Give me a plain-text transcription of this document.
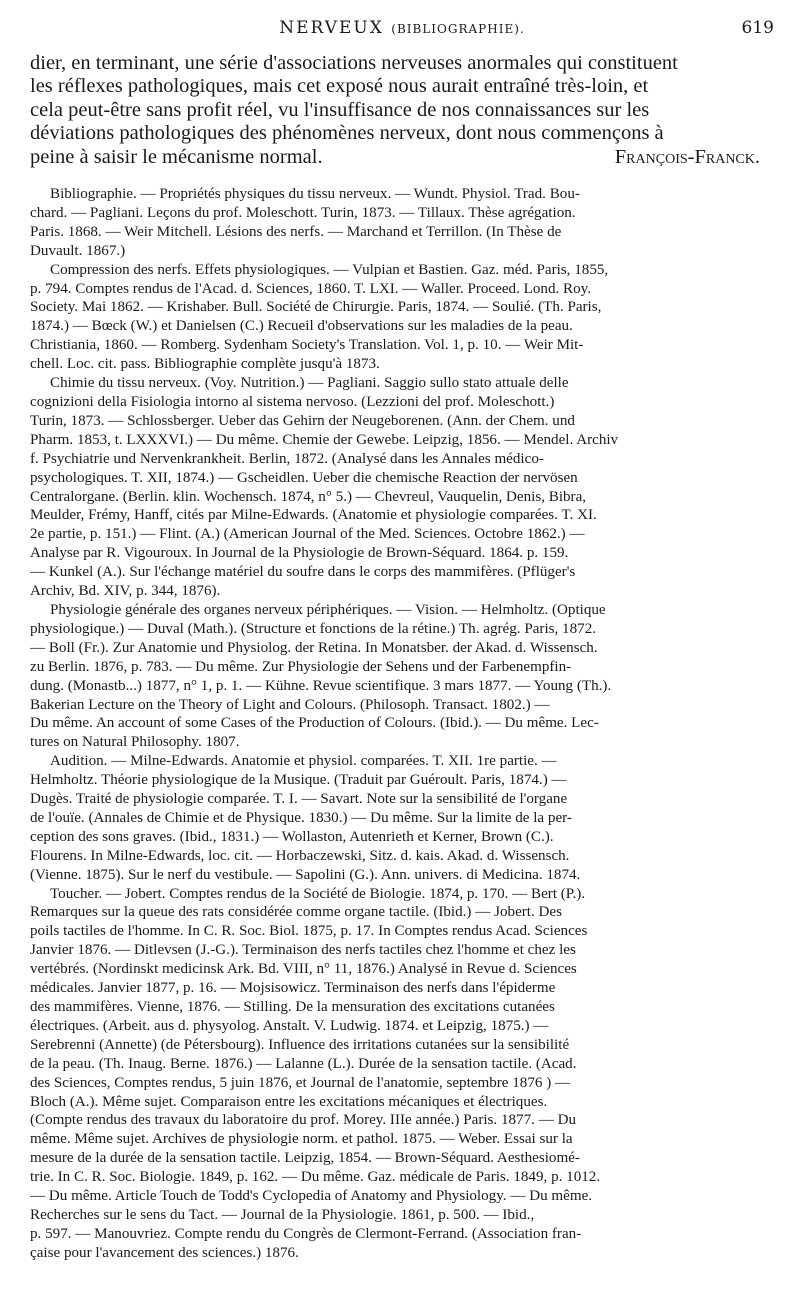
NERVEUX (BIBLIOGRAPHIE).	619
dier, en terminant, une série d'associations nerveuses anormales qui constituent
les réflexes pathologiques, mais cet exposé nous aurait entraîné très-loin, et
cela peut-être sans profit réel, vu l'insuffisance de nos connaissances sur les
déviations pathologiques des phénomènes nerveux, dont nous commençons à
peine à saisir le mécanisme normal.	François-Franck.
Bibliographie. — Propriétés physiques du tissu nerveux. — Wundt. Physiol. Trad. Bou-
chard. — Pagliani. Leçons du prof. Moleschott. Turin, 1873. — Tillaux. Thèse agrégation.
Paris. 1868. — Weir Mitchell. Lésions des nerfs. — Marchand et Terrillon. (In Thèse de
Duvault. 1867.)
Compression des nerfs. Effets physiologiques. — Vulpian et Bastien. Gaz. méd. Paris, 1855,
p. 794. Comptes rendus de l'Acad. d. Sciences, 1860. T. LXI. — Waller. Proceed. Lond. Roy.
Society. Mai 1862. — Krishaber. Bull. Société de Chirurgie. Paris, 1874. — Soulié. (Th. Paris,
1874.) — Bœck (W.) et Danielsen (C.) Recueil d'observations sur les maladies de la peau.
Christiania, 1860. — Romberg. Sydenham Society's Translation. Vol. 1, p. 10. — Weir Mit-
chell. Loc. cit. pass. Bibliographie complète jusqu'à 1873.
Chimie du tissu nerveux. (Voy. Nutrition.) — Pagliani. Saggio sullo stato attuale delle
cognizioni della Fisiologia intorno al sistema nervoso. (Lezzioni del prof. Moleschott.)
Turin, 1873. — Schlossberger. Ueber das Gehirn der Neugeborenen. (Ann. der Chem. und
Pharm. 1853, t. LXXXVI.) — Du même. Chemie der Gewebe. Leipzig, 1856. — Mendel. Archiv
f. Psychiatrie und Nervenkrankheit. Berlin, 1872. (Analysé dans les Annales médico-
psychologiques. T. XII, 1874.) — Gscheidlen. Ueber die chemische Reaction der nervösen
Centralorgane. (Berlin. klin. Wochensch. 1874, n° 5.) — Chevreul, Vauquelin, Denis, Bibra,
Meulder, Frémy, Hanff, cités par Milne-Edwards. (Anatomie et physiologie comparées. T. XI.
2e partie, p. 151.) — Flint. (A.) (American Journal of the Med. Sciences. Octobre 1862.) —
Analyse par R. Vigouroux. In Journal de la Physiologie de Brown-Séquard. 1864. p. 159.
— Kunkel (A.). Sur l'échange matériel du soufre dans le corps des mammifères. (Pflüger's
Archiv, Bd. XIV, p. 344, 1876).
Physiologie générale des organes nerveux périphériques. — Vision. — Helmholtz. (Optique
physiologique.) — Duval (Math.). (Structure et fonctions de la rétine.) Th. agrég. Paris, 1872.
— Boll (Fr.). Zur Anatomie und Physiolog. der Retina. In Monatsber. der Akad. d. Wissensch.
zu Berlin. 1876, p. 783. — Du même. Zur Physiologie der Sehens und der Farbenempfin-
dung. (Monastb...) 1877, n° 1, p. 1. — Kühne. Revue scientifique. 3 mars 1877. — Young (Th.).
Bakerian Lecture on the Theory of Light and Colours. (Philosoph. Transact. 1802.) —
Du même. An account of some Cases of the Production of Colours. (Ibid.). — Du même. Lec-
tures on Natural Philosophy. 1807.
Audition. — Milne-Edwards. Anatomie et physiol. comparées. T. XII. 1re partie. —
Helmholtz. Théorie physiologique de la Musique. (Traduit par Guéroult. Paris, 1874.) —
Dugès. Traité de physiologie comparée. T. I. — Savart. Note sur la sensibilité de l'organe
de l'ouïe. (Annales de Chimie et de Physique. 1830.) — Du même. Sur la limite de la per-
ception des sons graves. (Ibid., 1831.) — Wollaston, Autenrieth et Kerner, Brown (C.).
Flourens. In Milne-Edwards, loc. cit. — Horbaczewski, Sitz. d. kais. Akad. d. Wissensch.
(Vienne. 1875). Sur le nerf du vestibule. — Sapolini (G.). Ann. univers. di Medicina. 1874.
Toucher. — Jobert. Comptes rendus de la Société de Biologie. 1874, p. 170. — Bert (P.).
Remarques sur la queue des rats considérée comme organe tactile. (Ibid.) — Jobert. Des
poils tactiles de l'homme. In C. R. Soc. Biol. 1875, p. 17. In Comptes rendus Acad. Sciences
Janvier 1876. — Ditlevsen (J.-G.). Terminaison des nerfs tactiles chez l'homme et chez les
vertébrés. (Nordinskt medicinsk Ark. Bd. VIII, n° 11, 1876.) Analysé in Revue d. Sciences
médicales. Janvier 1877, p. 16. — Mojsisowicz. Terminaison des nerfs dans l'épiderme
des mammifères. Vienne, 1876. — Stilling. De la mensuration des excitations cutanées
électriques. (Arbeit. aus d. physyolog. Anstalt. V. Ludwig. 1874. et Leipzig, 1875.) —
Serebrenni (Annette) (de Pétersbourg). Influence des irritations cutanées sur la sensibilité
de la peau. (Th. Inaug. Berne. 1876.) — Lalanne (L.). Durée de la sensation tactile. (Acad.
des Sciences, Comptes rendus, 5 juin 1876, et Journal de l'anatomie, septembre 1876 ) —
Bloch (A.). Même sujet. Comparaison entre les excitations mécaniques et électriques.
(Compte rendus des travaux du laboratoire du prof. Morey. IIIe année.) Paris. 1877. — Du
même. Même sujet. Archives de physiologie norm. et pathol. 1875. — Weber. Essai sur la
mesure de la durée de la sensation tactile. Leipzig, 1854. — Brown-Séquard. Aesthesiomé-
trie. In C. R. Soc. Biologie. 1849, p. 162. — Du même. Gaz. médicale de Paris. 1849, p. 1012.
— Du même. Article Touch de Todd's Cyclopedia of Anatomy and Physiology. — Du même.
Recherches sur le sens du Tact. — Journal de la Physiologie. 1861, p. 500. — Ibid.,
p. 597. — Manouvriez. Compte rendu du Congrès de Clermont-Ferrand. (Association fran-
çaise pour l'avancement des sciences.) 1876.
